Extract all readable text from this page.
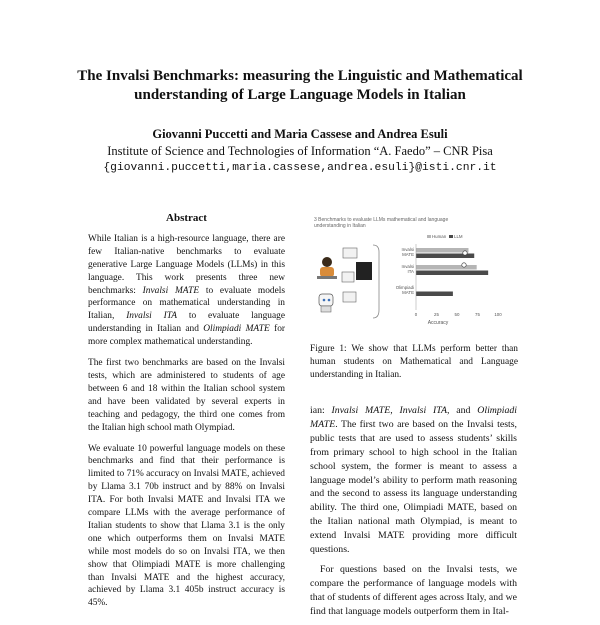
The Invalsi Benchmarks: measuring the Linguistic and Mathematical
understanding of Large Language Models in Italian
Giovanni Puccetti and Maria Cassese and Andrea Esuli
Institute of Science and Technologies of Information “A. Faedo” – CNR Pisa
{giovanni.puccetti,maria.cassese,andrea.esuli}@isti.cnr.it
Abstract

While Italian is a high-resource language, there are few Italian-native benchmarks to evaluate generative Large Language Models (LLMs) in this language. This work presents three new benchmarks: Invalsi MATE to evaluate models performance on mathematical understanding in Italian, Invalsi ITA to evaluate language understanding in Italian and Olimpiadi MATE for more complex mathematical understanding.

The first two benchmarks are based on the Invalsi tests, which are administered to students of age between 6 and 18 within the Italian school system and have been validated by several experts in teaching and pedagogy, the third one comes from the Italian high school math Olympiad.

We evaluate 10 powerful language models on these benchmarks and find that their performance is limited to 71% accuracy on Invalsi MATE, achieved by Llama 3.1 70b instruct and by 88% on Invalsi ITA. For both Invalsi MATE and Invalsi ITA we compare LLMs with the average performance of Italian students to show that Llama 3.1 is the only one which outperforms them on Invalsi MATE while most models do so on Invalsi ITA, we then show that Olimpiadi MATE is more challenging than Invalsi MATE and the highest accuracy, achieved by Llama 3.1 405b instruct accuracy is 45%.

3 Benchmarks to evaluate LLMs mathematical and language understanding in Italian
Human LLM
Invalsi MATE
Invalsi ITA
Olimpiadi MATE
0	25	50	75	100
Accuracy
Figure 1: We show that LLMs perform better than human students on Mathematical and Language understanding in Italian.

ian: Invalsi MATE, Invalsi ITA, and Olimpiadi MATE. The first two are based on the Invalsi tests, public tests that are used to assess students’ skills from primary school to high school in the Italian school system, the former is meant to assess a language model’s ability to perform math reasoning and the second to assess its language understanding ability. The third one, Olimpiadi MATE, based on the Italian national math Olympiad, is meant to extend Invalsi MATE providing more difficult questions.

For questions based on the Invalsi tests, we compare the performance of language models with that of students of different ages across Italy, and we find that language models outperform them in Ital-
